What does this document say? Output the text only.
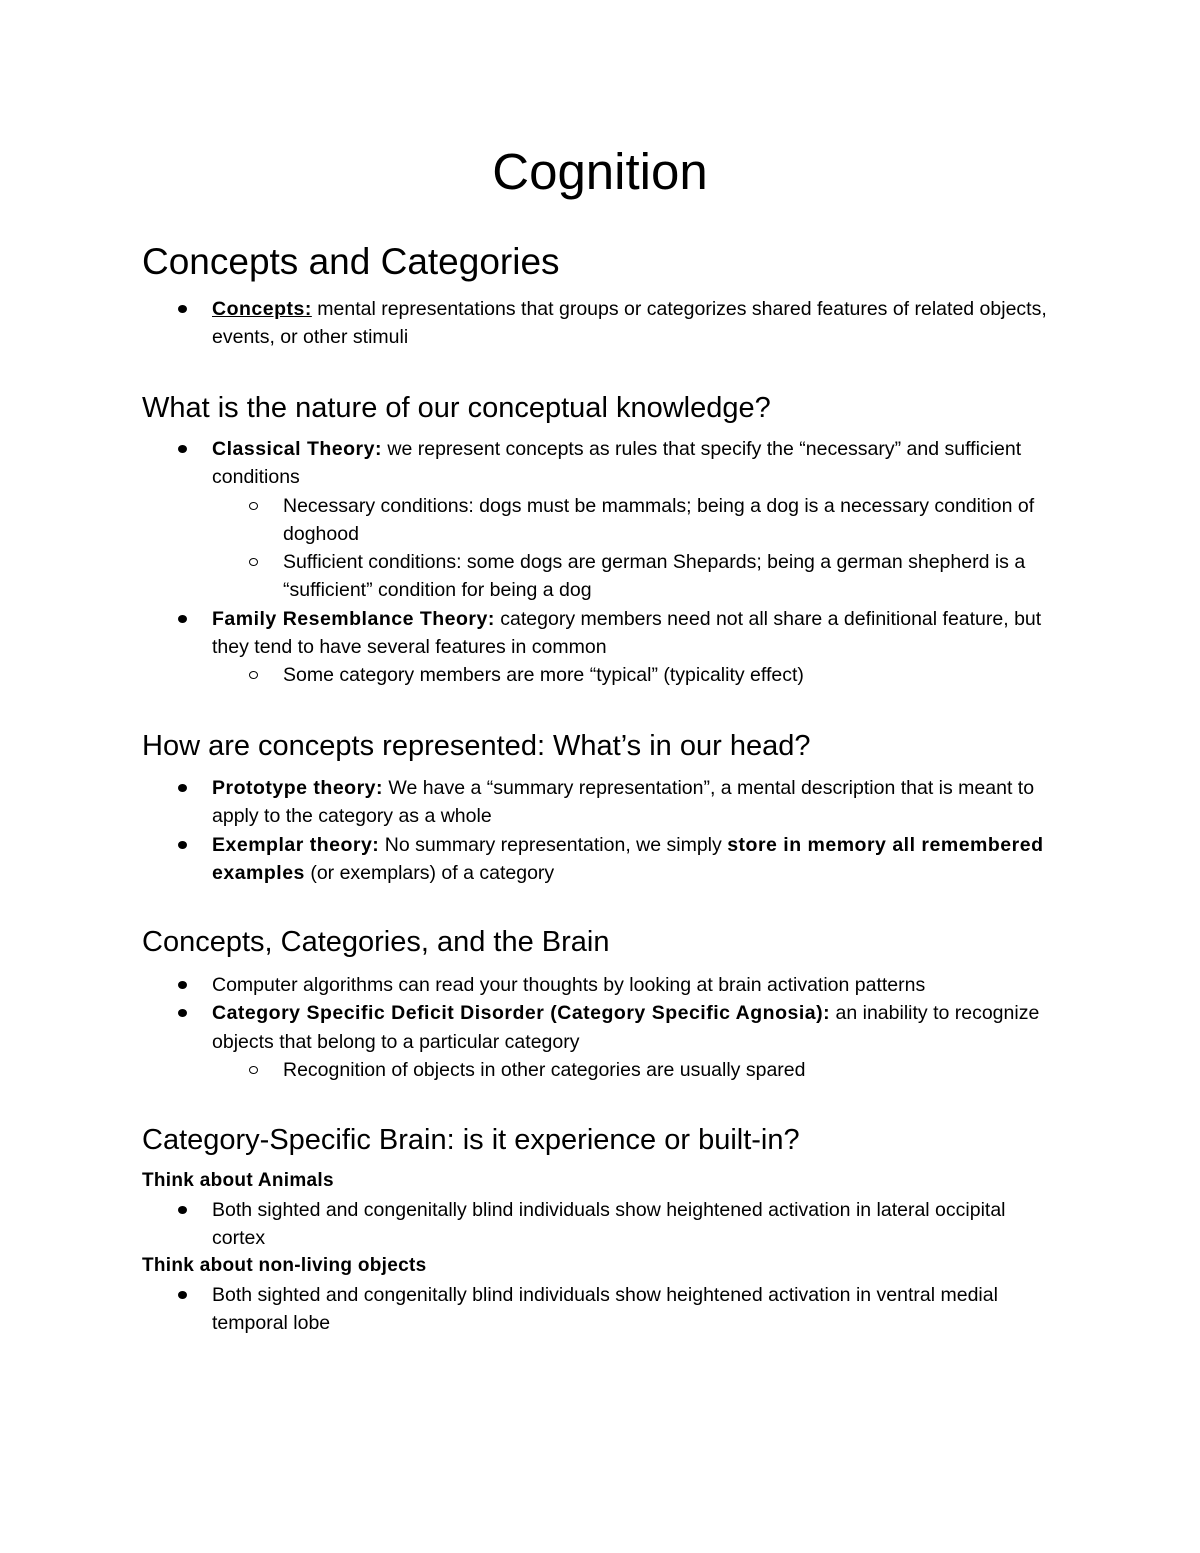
Cognition
Concepts and Categories
Concepts: mental representations that groups or categorizes shared features of related objects, events, or other stimuli
What is the nature of our conceptual knowledge?
Classical Theory: we represent concepts as rules that specify the “necessary” and sufficient conditions
Necessary conditions: dogs must be mammals; being a dog is a necessary condition of doghood
Sufficient conditions: some dogs are german Shepards; being a german shepherd is a “sufficient” condition for being a dog
Family Resemblance Theory: category members need not all share a definitional feature, but they tend to have several features in common
Some category members are more “typical” (typicality effect)
How are concepts represented: What’s in our head?
Prototype theory: We have a “summary representation”, a mental description that is meant to apply to the category as a whole
Exemplar theory: No summary representation, we simply store in memory all remembered examples (or exemplars) of a category
Concepts, Categories, and the Brain
Computer algorithms can read your thoughts by looking at brain activation patterns
Category Specific Deficit Disorder (Category Specific Agnosia): an inability to recognize objects that belong to a particular category
Recognition of objects in other categories are usually spared
Category-Specific Brain: is it experience or built-in?
Think about Animals
Both sighted and congenitally blind individuals show heightened activation in lateral occipital cortex
Think about non-living objects
Both sighted and congenitally blind individuals show heightened activation in ventral medial temporal lobe
